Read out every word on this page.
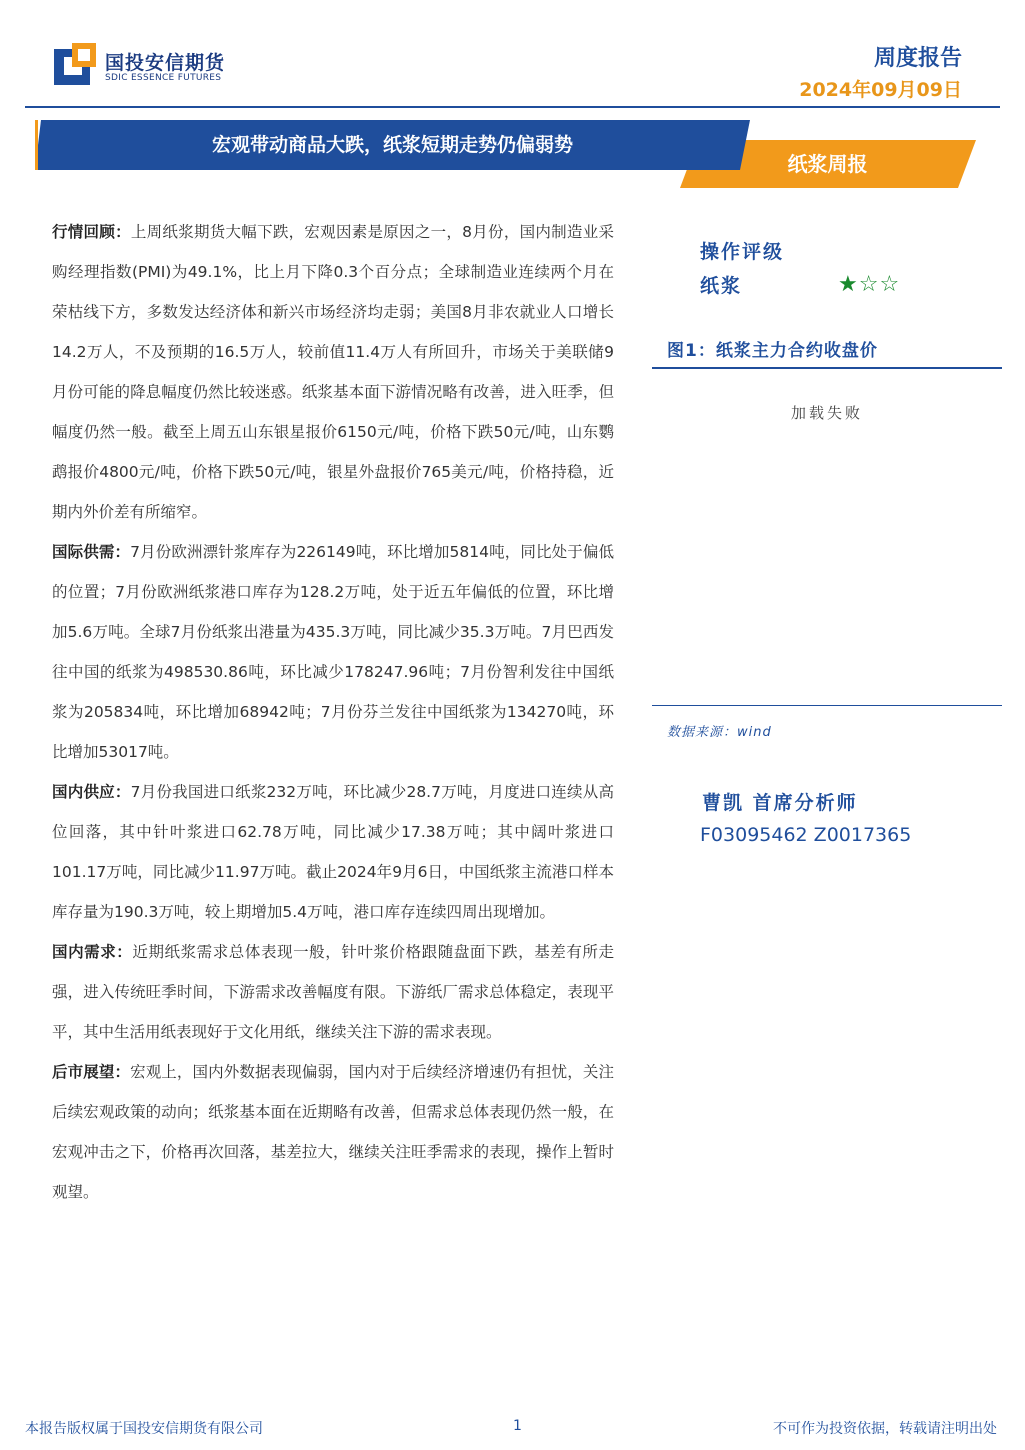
国投安信期货
SDIC ESSENCE FUTURES
周度报告
2024年09月09日
宏观带动商品大跌，纸浆短期走势仍偏弱势
纸浆周报

行情回顾：上周纸浆期货大幅下跌，宏观因素是原因之一，8月份，国内制造业采购经理指数(PMI)为49.1%，比上月下降0.3个百分点；全球制造业连续两个月在荣枯线下方，多数发达经济体和新兴市场经济均走弱；美国8月非农就业人口增长14.2万人，不及预期的16.5万人，较前值11.4万人有所回升，市场关于美联储9月份可能的降息幅度仍然比较迷惑。纸浆基本面下游情况略有改善，进入旺季，但幅度仍然一般。截至上周五山东银星报价6150元/吨，价格下跌50元/吨，山东鹦鹉报价4800元/吨，价格下跌50元/吨，银星外盘报价765美元/吨，价格持稳，近期内外价差有所缩窄。

国际供需：7月份欧洲漂针浆库存为226149吨，环比增加5814吨，同比处于偏低的位置；7月份欧洲纸浆港口库存为128.2万吨，处于近五年偏低的位置，环比增加5.6万吨。全球7月份纸浆出港量为435.3万吨，同比减少35.3万吨。7月巴西发往中国的纸浆为498530.86吨，环比减少178247.96吨；7月份智利发往中国纸浆为205834吨，环比增加68942吨；7月份芬兰发往中国纸浆为134270吨，环比增加53017吨。

国内供应：7月份我国进口纸浆232万吨，环比减少28.7万吨，月度进口连续从高位回落，其中针叶浆进口62.78万吨，同比减少17.38万吨；其中阔叶浆进口101.17万吨，同比减少11.97万吨。截止2024年9月6日，中国纸浆主流港口样本库存量为190.3万吨，较上期增加5.4万吨，港口库存连续四周出现增加。

国内需求：近期纸浆需求总体表现一般，针叶浆价格跟随盘面下跌，基差有所走强，进入传统旺季时间，下游需求改善幅度有限。下游纸厂需求总体稳定，表现平平，其中生活用纸表现好于文化用纸，继续关注下游的需求表现。

后市展望：宏观上，国内外数据表现偏弱，国内对于后续经济增速仍有担忧，关注后续宏观政策的动向；纸浆基本面在近期略有改善，但需求总体表现仍然一般，在宏观冲击之下，价格再次回落，基差拉大，继续关注旺季需求的表现，操作上暂时观望。

操作评级
纸浆	★☆☆
图1：纸浆主力合约收盘价
加载失败
数据来源：wind
曹凯 首席分析师
F03095462 Z0017365
本报告版权属于国投安信期货有限公司	1	不可作为投资依据，转载请注明出处
